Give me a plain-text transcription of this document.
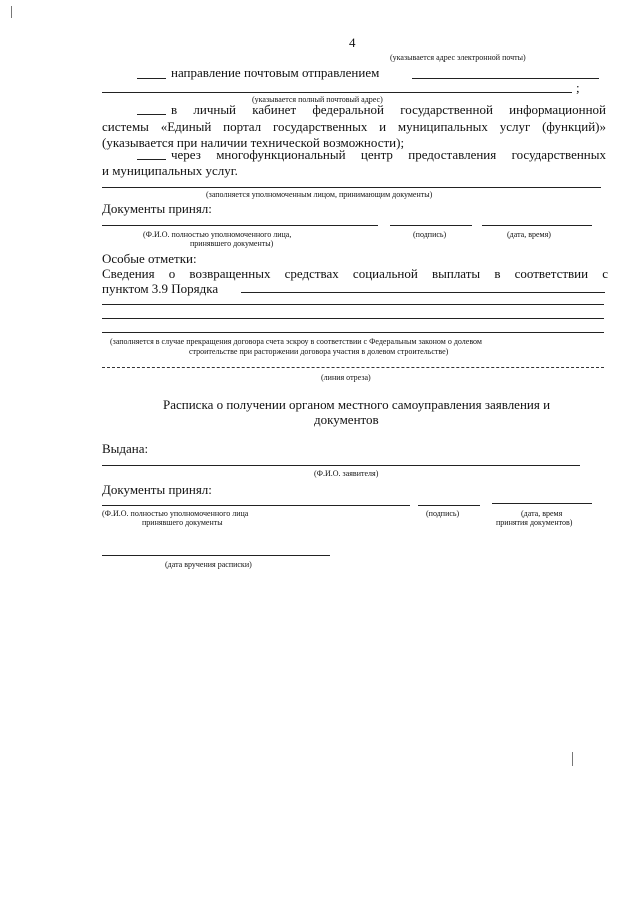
4
(указывается адрес электронной почты)
направление почтовым отправлением
;
(указывается полный почтовый адрес)
в личный кабинет федеральной государственной информационной
системы «Единый портал государственных и муниципальных услуг (функций)»
(указывается при наличии технической возможности);
через многофункциональный центр предоставления государственных
и муниципальных услуг.
(заполняется уполномоченным лицом, принимающим документы)
Документы принял:
(Ф.И.О. полностью уполномоченного лица,
принявшего документы)
(подпись)	(дата, время)
Особые отметки:
Сведения о возвращенных средствах социальной выплаты в соответствии с
пунктом 3.9 Порядка
(заполняется в случае прекращения договора счета эскроу в соответствии с Федеральным законом о долевом
строительстве при расторжении договора участия в долевом строительстве)
(линия отреза)
Расписка о получении органом местного самоуправления заявления и
документов
Выдана:
(Ф.И.О. заявителя)
Документы принял:
(Ф.И.О. полностью уполномоченного лица
принявшего документы
(подпись)	(дата, время
принятия документов)
(дата вручения расписки)
